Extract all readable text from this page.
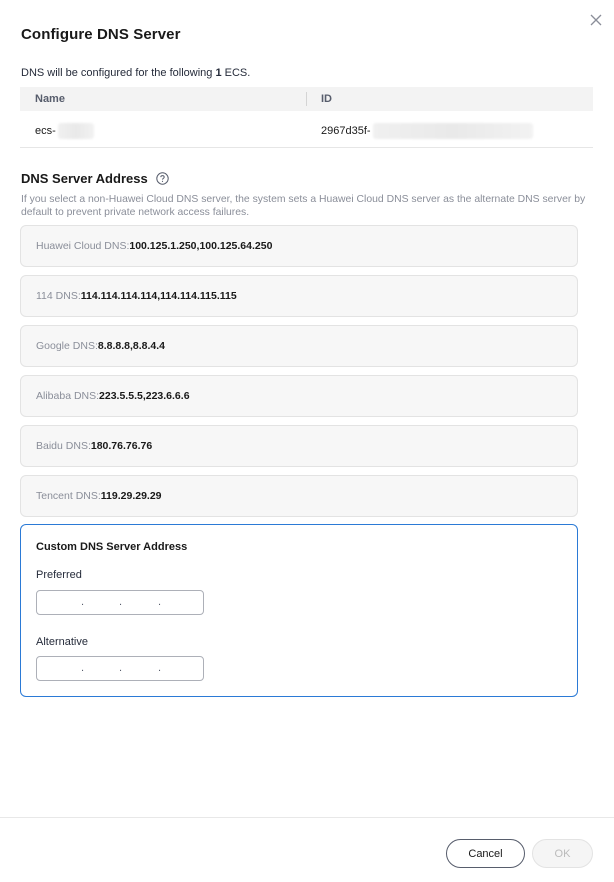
Configure DNS Server
DNS will be configured for the following 1 ECS.
Name	ID
ecs-	2967d35f-
DNS Server Address
If you select a non-Huawei Cloud DNS server, the system sets a Huawei Cloud DNS server as the alternate DNS server by default to prevent private network access failures.
Huawei Cloud DNS: 100.125.1.250,100.125.64.250
114 DNS: 114.114.114.114,114.114.115.115
Google DNS: 8.8.8.8,8.8.4.4
Alibaba DNS: 223.5.5.5,223.6.6.6
Baidu DNS: 180.76.76.76
Tencent DNS: 119.29.29.29
Custom DNS Server Address
Preferred
.	.	.
Alternative
.	.	.
Cancel	OK
